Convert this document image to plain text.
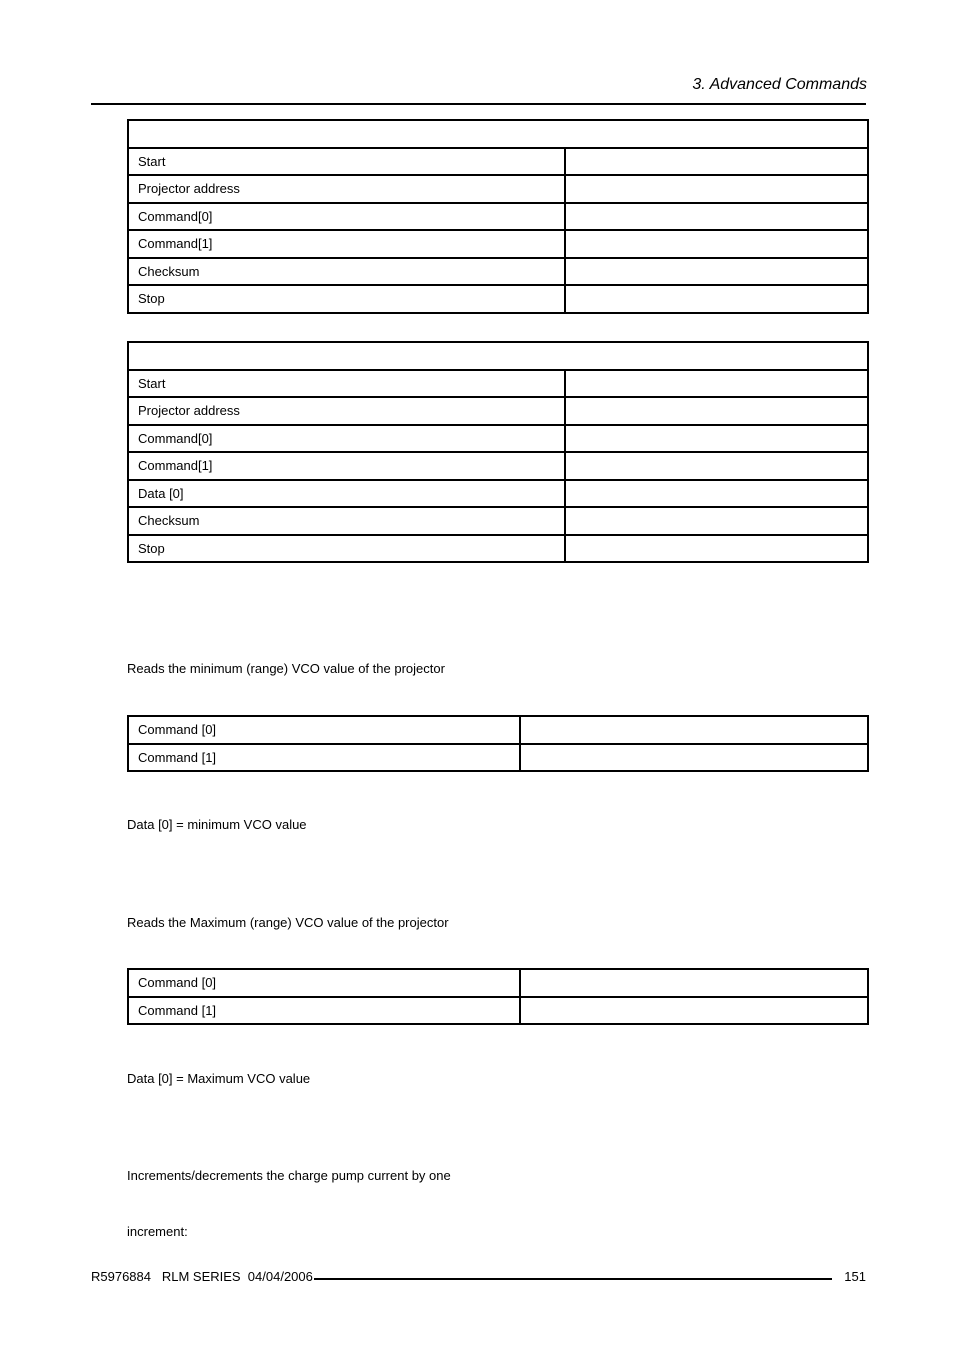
3. Advanced Commands

Start	
Projector address	
Command[0]	
Command[1]	
Checksum	
Stop	

Start	
Projector address	
Command[0]	
Command[1]	
Data [0]	
Checksum	
Stop	
Reads the minimum (range) VCO value of the projector
Command [0]	
Command [1]	
Data [0] = minimum VCO value
Reads the Maximum (range) VCO value of the projector
Command [0]	
Command [1]	
Data [0] = Maximum VCO value
Increments/decrements the charge pump current by one
increment:
R5976884   RLM SERIES  04/04/2006	151
